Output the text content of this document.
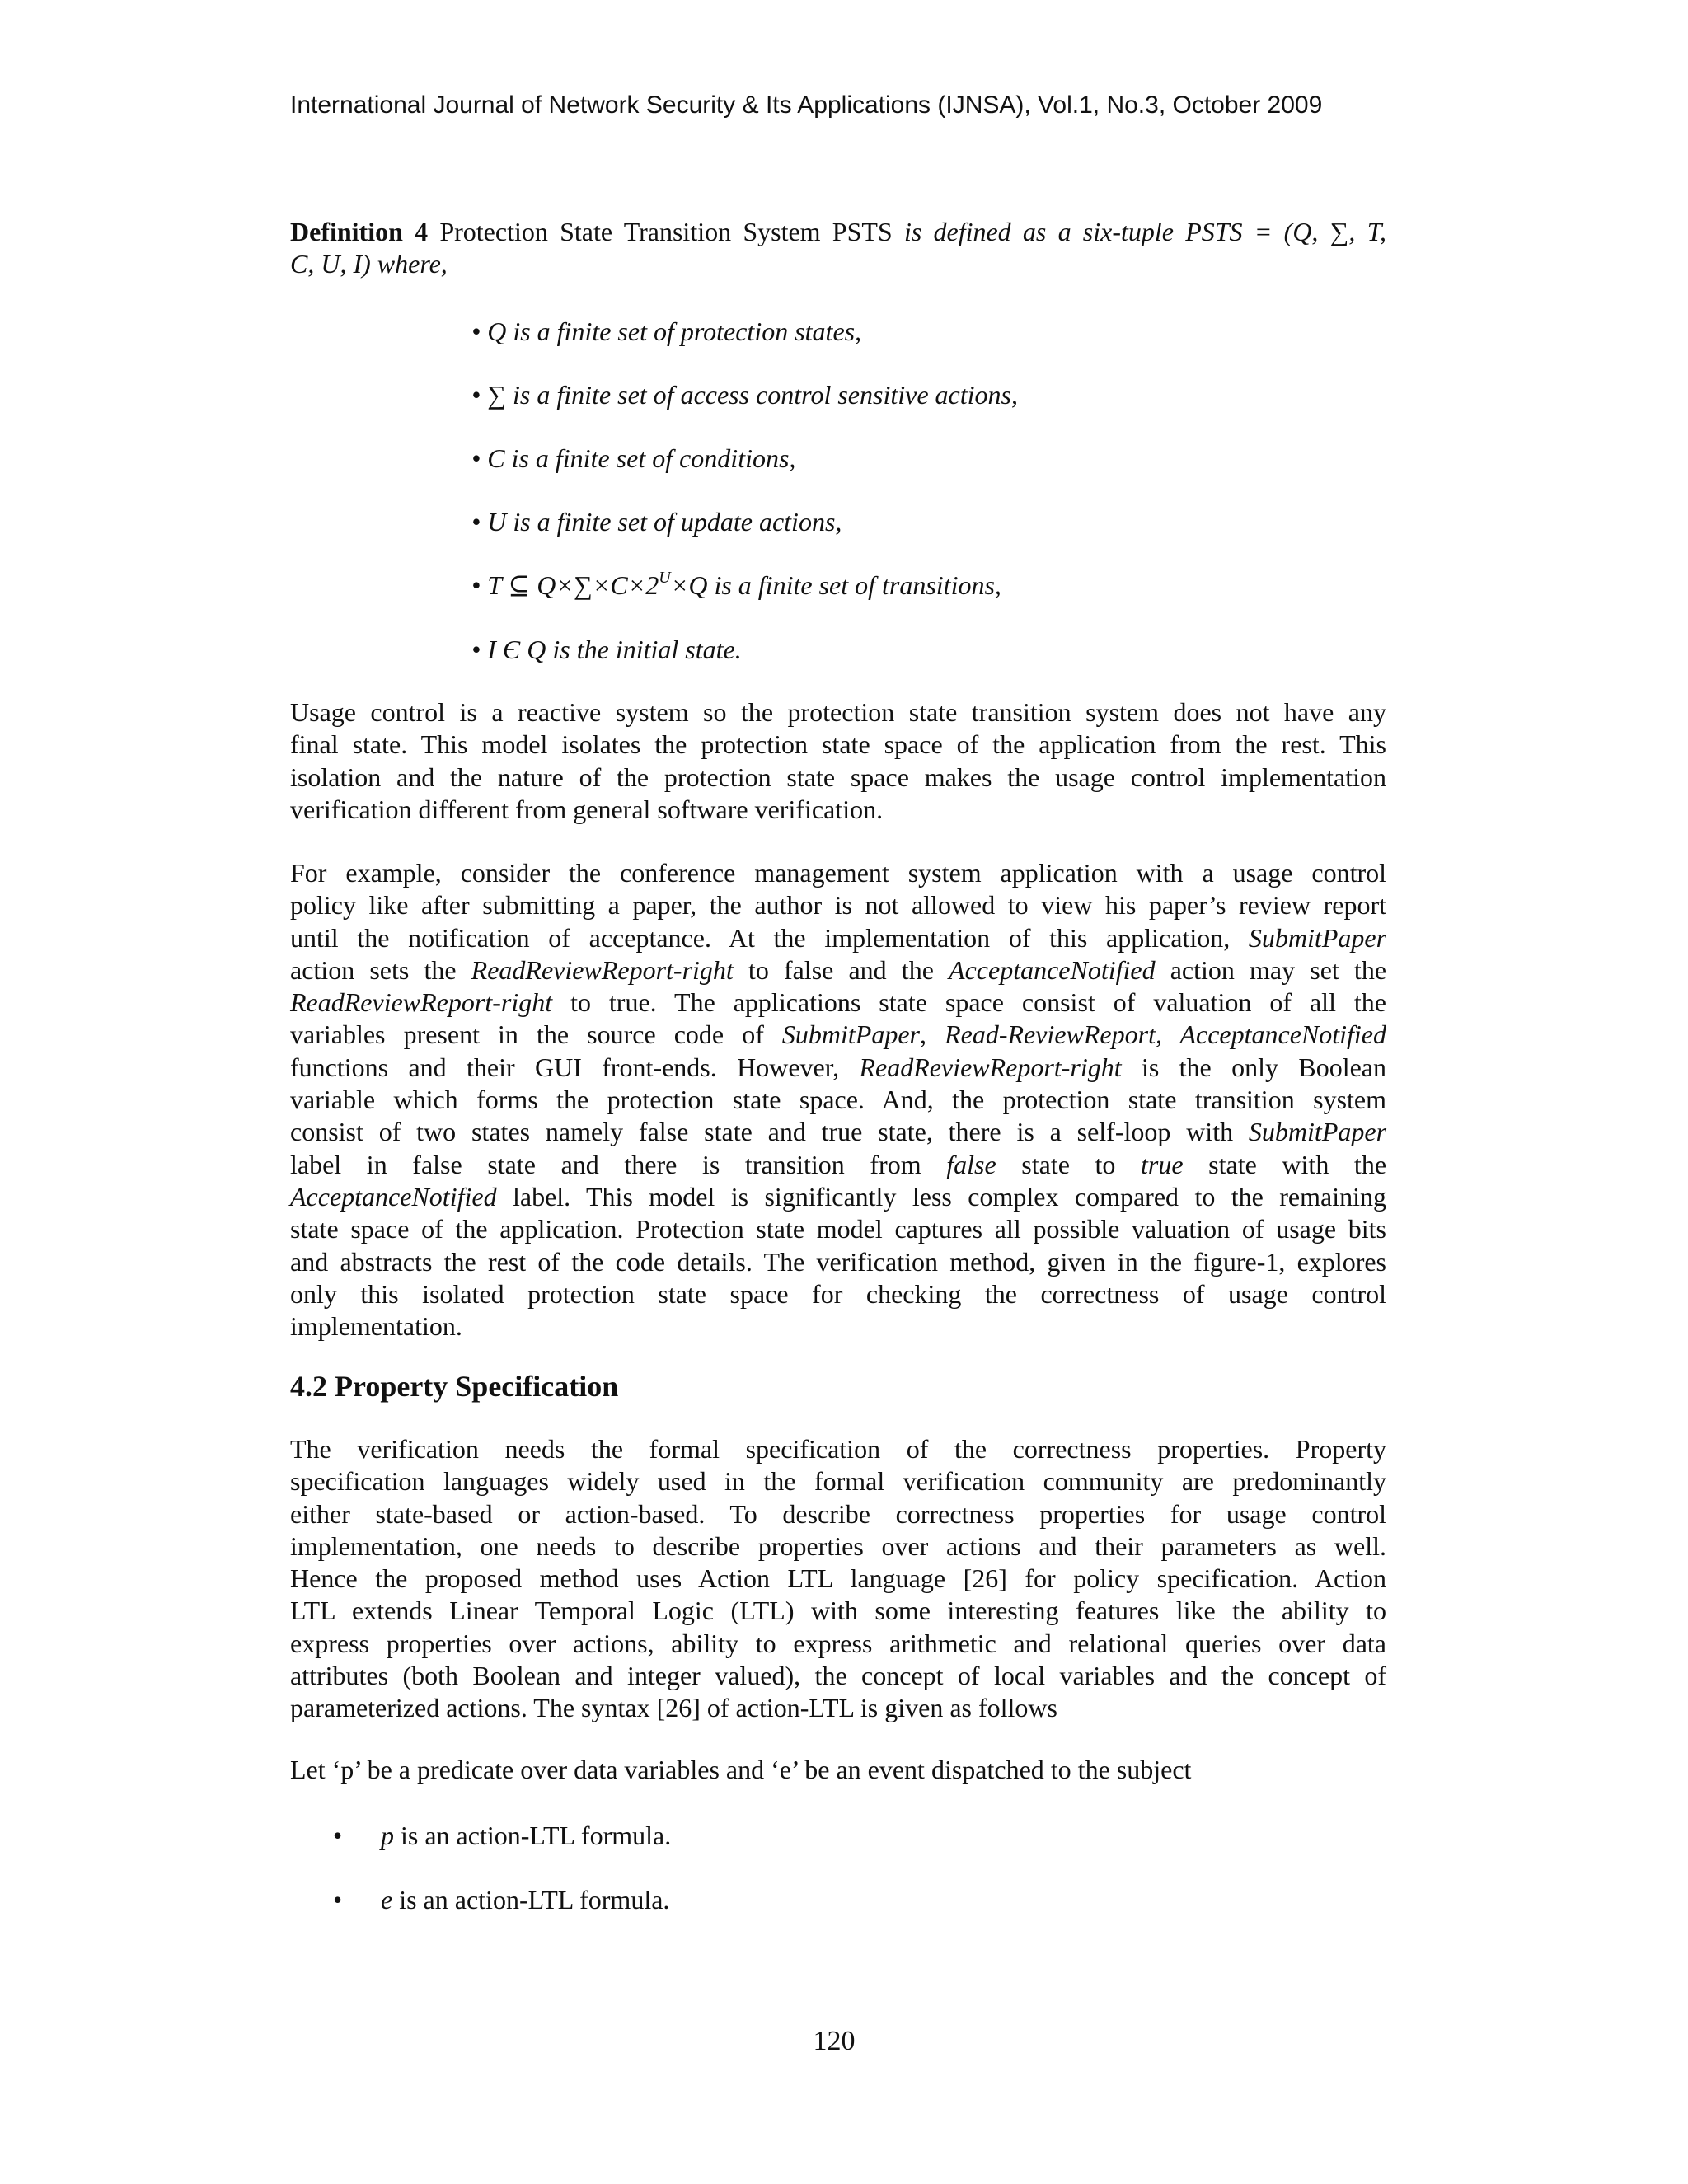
International Journal of Network Security & Its Applications (IJNSA), Vol.1, No.3, October 2009
Definition 4 Protection State Transition System PSTS is defined as a six-tuple PSTS = (Q, ∑, T,
C, U, I) where,
• Q is a finite set of protection states,
• ∑ is a finite set of access control sensitive actions,
• C is a finite set of conditions,
• U is a finite set of update actions,
• T ⊆ $Q\times\sum\times C\times 2^U\times Q$ is a finite set of transitions,
• I Є Q is the initial state.
Usage control is a reactive system so the protection state transition system does not have any
final state. This model isolates the protection state space of the application from the rest. This
isolation and the nature of the protection state space makes the usage control implementation
verification different from general software verification.
For example, consider the conference management system application with a usage control
policy like after submitting a paper, the author is not allowed to view his paper’s review report
until the notification of acceptance. At the implementation of this application, SubmitPaper
action sets the ReadReviewReport-right to false and the AcceptanceNotified action may set the
ReadReviewReport-right to true. The applications state space consist of valuation of all the
variables present in the source code of SubmitPaper, Read-ReviewReport, AcceptanceNotified
functions and their GUI front-ends. However, ReadReviewReport-right is the only Boolean
variable which forms the protection state space. And, the protection state transition system
consist of two states namely false state and true state, there is a self-loop with SubmitPaper
label in false state and there is transition from false state to true state with the
AcceptanceNotified label. This model is significantly less complex compared to the remaining
state space of the application. Protection state model captures all possible valuation of usage bits
and abstracts the rest of the code details. The verification method, given in the figure-1, explores
only this isolated protection state space for checking the correctness of usage control
implementation.
4.2 Property Specification
The verification needs the formal specification of the correctness properties. Property
specification languages widely used in the formal verification community are predominantly
either state-based or action-based. To describe correctness properties for usage control
implementation, one needs to describe properties over actions and their parameters as well.
Hence the proposed method uses Action LTL language [26] for policy specification. Action
LTL extends Linear Temporal Logic (LTL) with some interesting features like the ability to
express properties over actions, ability to express arithmetic and relational queries over data
attributes (both Boolean and integer valued), the concept of local variables and the concept of
parameterized actions. The syntax [26] of action-LTL is given as follows
Let ‘p’ be a predicate over data variables and ‘e’ be an event dispatched to the subject
• p is an action-LTL formula.
• e is an action-LTL formula.
120
